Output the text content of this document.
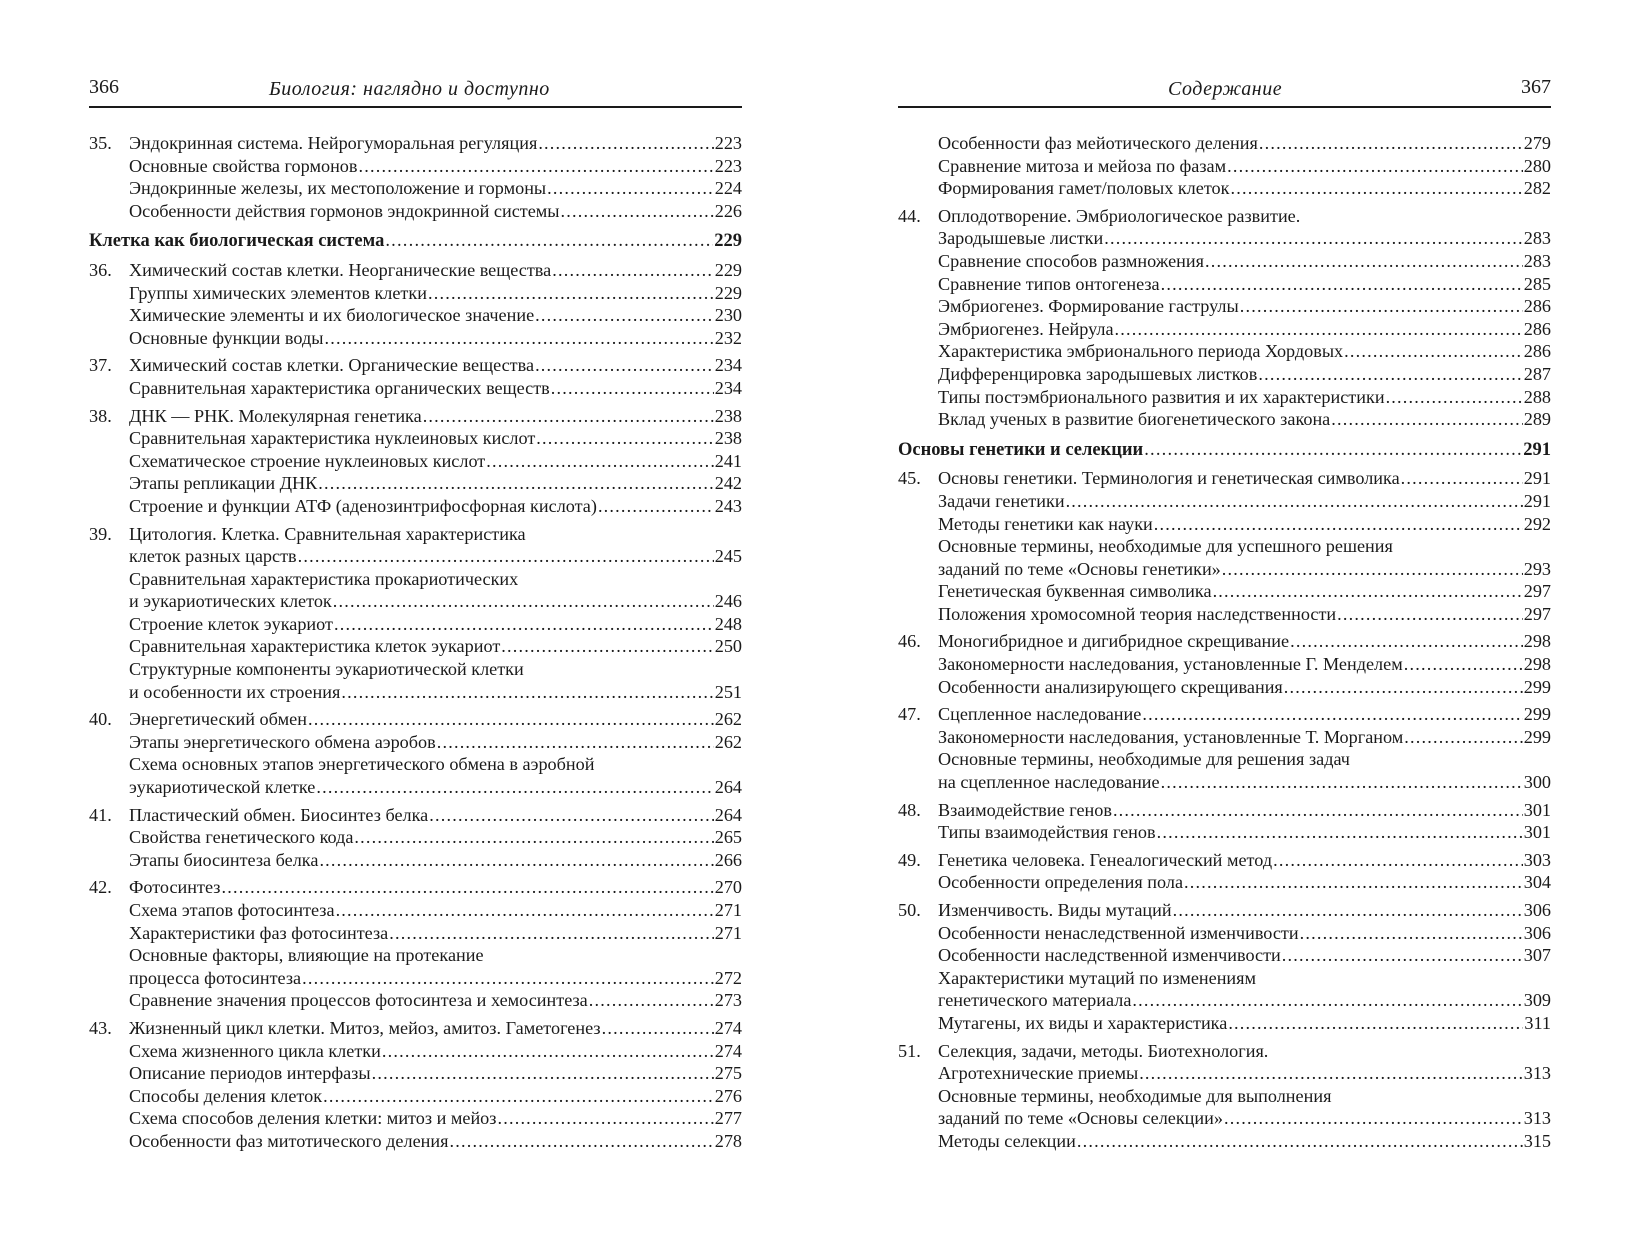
366	Биология: наглядно и доступно
35. Эндокринная система. Нейрогуморальная регуляция .....	223
Основные свойства гормонов .....	223
Эндокринные железы, их местоположение и гормоны .....	224
Особенности действия гормонов эндокринной системы .....	226
Клетка как биологическая система .....	229
36. Химический состав клетки. Неорганические вещества .....	229
Группы химических элементов клетки .....	229
Химические элементы и их биологическое значение .....	230
Основные функции воды .....	232
37. Химический состав клетки. Органические вещества .....	234
Сравнительная характеристика органических веществ .....	234
38. ДНК — РНК. Молекулярная генетика .....	238
Сравнительная характеристика нуклеиновых кислот .....	238
Схематическое строение нуклеиновых кислот .....	241
Этапы репликации ДНК .....	242
Строение и функции АТФ (аденозинтрифосфорная кислота) .....	243
39. Цитология. Клетка. Сравнительная характеристика
клеток разных царств .....	245
Сравнительная характеристика прокариотических
и эукариотических клеток .....	246
Строение клеток эукариот .....	248
Сравнительная характеристика клеток эукариот .....	250
Структурные компоненты эукариотической клетки
и особенности их строения .....	251
40. Энергетический обмен .....	262
Этапы энергетического обмена аэробов .....	262
Схема основных этапов энергетического обмена в аэробной
эукариотической клетке .....	264
41. Пластический обмен. Биосинтез белка .....	264
Свойства генетического кода .....	265
Этапы биосинтеза белка .....	266
42. Фотосинтез .....	270
Схема этапов фотосинтеза .....	271
Характеристики фаз фотосинтеза .....	271
Основные факторы, влияющие на протекание
процесса фотосинтеза .....	272
Сравнение значения процессов фотосинтеза и хемосинтеза .....	273
43. Жизненный цикл клетки. Митоз, мейоз, амитоз. Гаметогенез .....	274
Схема жизненного цикла клетки .....	274
Описание периодов интерфазы .....	275
Способы деления клеток .....	276
Схема способов деления клетки: митоз и мейоз .....	277
Особенности фаз митотического деления .....	278
Содержание	367
Особенности фаз мейотического деления .....	279
Сравнение митоза и мейоза по фазам .....	280
Формирования гамет/половых клеток .....	282
44. Оплодотворение. Эмбриологическое развитие.
Зародышевые листки .....	283
Сравнение способов размножения .....	283
Сравнение типов онтогенеза .....	285
Эмбриогенез. Формирование гаструлы .....	286
Эмбриогенез. Нейрула .....	286
Характеристика эмбрионального периода Хордовых .....	286
Дифференцировка зародышевых листков .....	287
Типы постэмбрионального развития и их характеристики .....	288
Вклад ученых в развитие биогенетического закона .....	289
Основы генетики и селекции .....	291
45. Основы генетики. Терминология и генетическая символика .....	291
Задачи генетики .....	291
Методы генетики как науки .....	292
Основные термины, необходимые для успешного решения
заданий по теме «Основы генетики» .....	293
Генетическая буквенная символика .....	297
Положения хромосомной теория наследственности .....	297
46. Моногибридное и дигибридное скрещивание .....	298
Закономерности наследования, установленные Г. Менделем .....	298
Особенности анализирующего скрещивания .....	299
47. Сцепленное наследование .....	299
Закономерности наследования, установленные Т. Морганом .....	299
Основные термины, необходимые для решения задач
на сцепленное наследование .....	300
48. Взаимодействие генов .....	301
Типы взаимодействия генов .....	301
49. Генетика человека. Генеалогический метод .....	303
Особенности определения пола .....	304
50. Изменчивость. Виды мутаций .....	306
Особенности ненаследственной изменчивости .....	306
Особенности наследственной изменчивости .....	307
Характеристики мутаций по изменениям
генетического материала .....	309
Мутагены, их виды и характеристика .....	311
51. Селекция, задачи, методы. Биотехнология.
Агротехнические приемы .....	313
Основные термины, необходимые для выполнения
заданий по теме «Основы селекции» .....	313
Методы селекции .....	315
